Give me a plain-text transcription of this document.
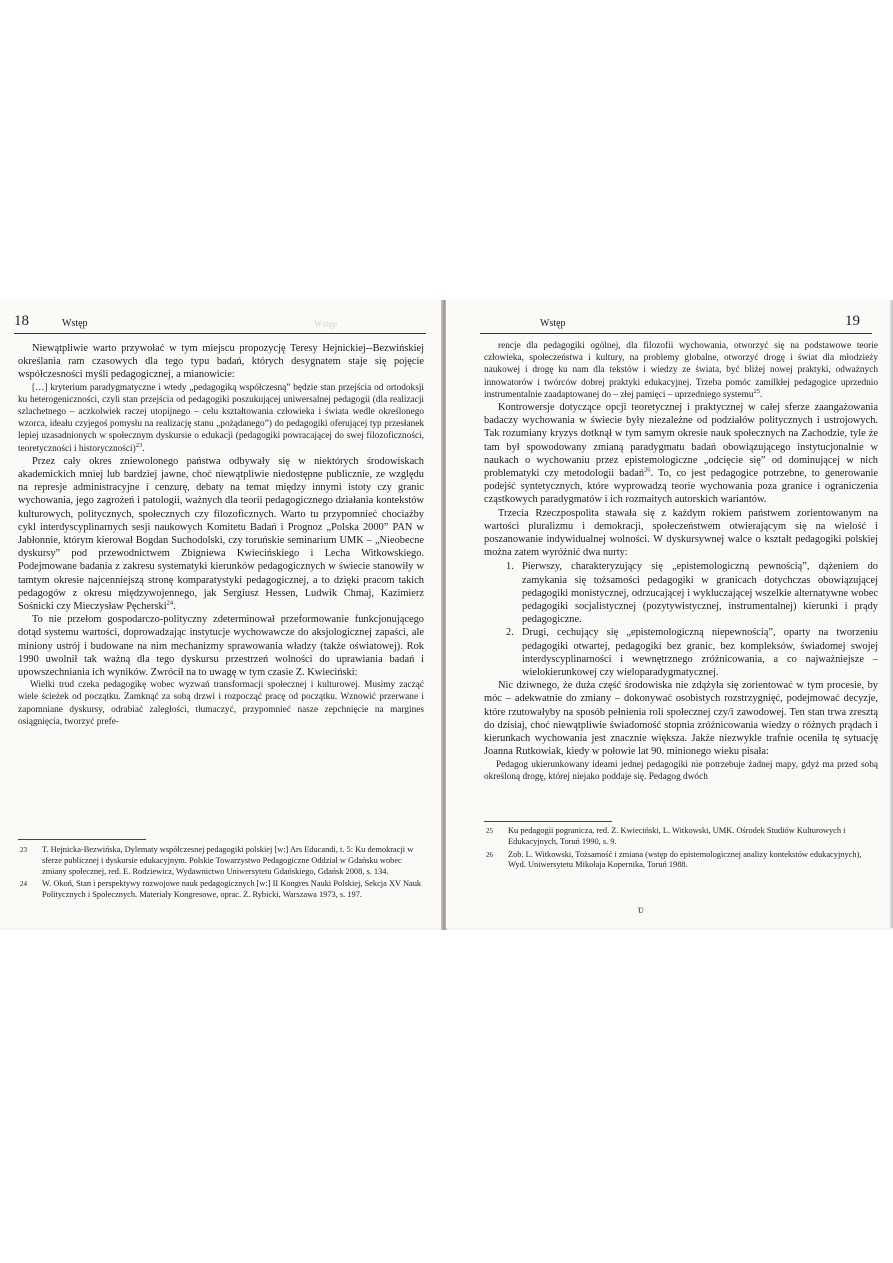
18	Wstęp	Wstęp

Niewątpliwie warto przywołać w tym miejscu propozycję Teresy Hejnickiej--Bezwińskiej określania ram czasowych dla tego typu badań, których desygnatem staje się pojęcie współczesności myśli pedagogicznej, a mianowicie:

[…] kryterium paradygmatyczne i wtedy „pedagogiką współczesną” będzie stan przejścia od ortodoksji ku heterogeniczności, czyli stan przejścia od pedagogiki poszukującej uniwersalnej pedagogii (dla realizacji szlachetnego – aczkolwiek raczej utopijnego – celu kształtowania człowieka i świata wedle określonego wzorca, ideału czyjegoś pomysłu na realizację stanu „pożądanego”) do pedagogiki oferującej typ przesłanek lepiej uzasadnionych w społecznym dyskursie o edukacji (pedagogiki powracającej do swej filozoficzności, teoretyczności i historyczności)$^{23}$.

Przez cały okres zniewolonego państwa odbywały się w niektórych środowiskach akademickich mniej lub bardziej jawne, choć niewątpliwie niedostępne publicznie, ze względu na represje administracyjne i cenzurę, debaty na temat między innymi istoty czy granic wychowania, jego zagrożeń i patologii, ważnych dla teorii pedagogicznego działania kontekstów kulturowych, politycznych, społecznych czy filozoficznych. Warto tu przypomnieć chociażby cykl interdyscyplinarnych sesji naukowych Komitetu Badań i Prognoz „Polska 2000” PAN w Jabłonnie, którym kierował Bogdan Suchodolski, czy toruńskie seminarium UMK – „Nieobecne dyskursy” pod przewodnictwem Zbigniewa Kwiecińskiego i Lecha Witkowskiego. Podejmowane badania z zakresu systematyki kierunków pedagogicznych w świecie stanowiły w tamtym okresie najcenniejszą stronę komparatystyki pedagogicznej, a to dzięki pracom takich pedagogów z okresu międzywojennego, jak Sergiusz Hessen, Ludwik Chmaj, Kazimierz Sośnicki czy Mieczysław Pęcherski$^{24}$.

To nie przełom gospodarczo-polityczny zdeterminował przeformowanie funkcjonującego dotąd systemu wartości, doprowadzając instytucje wychowawcze do aksjologicznej zapaści, ale miniony ustrój i budowane na nim mechanizmy sprawowania władzy (także oświatowej). Rok 1990 uwolnił tak ważną dla tego dyskursu przestrzeń wolności do uprawiania badań i upowszechniania ich wyników. Zwrócił na to uwagę w tym czasie Z. Kwieciński:

Wielki trud czeka pedagogikę wobec wyzwań transformacji społecznej i kulturowej. Musimy zacząć wiele ścieżek od początku. Zamknąć za sobą drzwi i rozpocząć pracę od początku. Wznowić przerwane i zapomniane dyskursy, odrabiać zaległości, tłumaczyć, przypomnieć nasze zepchnięcie na margines osiągnięcia, tworzyć prefe-

23 T. Hejnicka-Bezwińska, Dylematy współczesnej pedagogiki polskiej [w:] Ars Educandi, t. 5: Ku demokracji w sferze publicznej i dyskursie edukacyjnym. Polskie Towarzystwo Pedagogiczne Oddział w Gdańsku wobec zmiany społecznej, red. E. Rodziewicz, Wydawnictwo Uniwersytetu Gdańskiego, Gdańsk 2008, s. 134.
24 W. Okoń, Stan i perspektywy rozwojowe nauk pedagogicznych [w:] II Kongres Nauki Polskiej, Sekcja XV Nauk Politycznych i Społecznych. Materiały Kongresowe, oprac. Z. Rybicki, Warszawa 1973, s. 197.
Wstęp	19

rencje dla pedagogiki ogólnej, dla filozofii wychowania, otworzyć się na podstawowe teorie człowieka, społeczeństwa i kultury, na problemy globalne, otworzyć drogę i świat dla młodzieży naukowej i drogę ku nam dla tekstów i wiedzy ze świata, być bliżej nowej praktyki, odważnych innowatorów i twórców dobrej praktyki edukacyjnej. Trzeba pomóc zamilkłej pedagogice uprzednio instrumentalnie zaadaptowanej do – złej pamięci – uprzedniego systemu$^{25}$.

Kontrowersje dotyczące opcji teoretycznej i praktycznej w całej sferze zaangażowania badaczy wychowania w świecie były niezależne od podziałów politycznych i ustrojowych. Tak rozumiany kryzys dotknął w tym samym okresie nauk społecznych na Zachodzie, tyle że tam był spowodowany zmianą paradygmatu badań obowiązującego instytucjonalnie w naukach o wychowaniu przez epistemologiczne „odcięcie się” od dominującej w nich problematyki czy metodologii badań$^{26}$. To, co jest pedagogice potrzebne, to generowanie podejść syntetycznych, które wyprowadzą teorie wychowania poza granice i ograniczenia cząstkowych paradygmatów i ich rozmaitych autorskich wariantów.

Trzecia Rzeczpospolita stawała się z każdym rokiem państwem zorientowanym na wartości pluralizmu i demokracji, społeczeństwem otwierającym się na wielość i poszanowanie indywidualnej wolności. W dyskursywnej walce o kształt pedagogiki polskiej można zatem wyróżnić dwa nurty:

1. Pierwszy, charakteryzujący się „epistemologiczną pewnością”, dążeniem do zamykania się tożsamości pedagogiki w granicach dotychczas obowiązującej pedagogiki monistycznej, odrzucającej i wykluczającej wszelkie alternatywne wobec pedagogiki socjalistycznej (pozytywistycznej, instrumentalnej) kierunki i prądy pedagogiczne.
2. Drugi, cechujący się „epistemologiczną niepewnością”, oparty na tworzeniu pedagogiki otwartej, pedagogiki bez granic, bez kompleksów, świadomej swojej interdyscyplinarności i wewnętrznego zróżnicowania, a co najważniejsze – wielokierunkowej czy wieloparadygmatycznej.

Nic dziwnego, że duża część środowiska nie zdążyła się zorientować w tym procesie, by móc – adekwatnie do zmiany – dokonywać osobistych rozstrzygnięć, podejmować decyzje, które rzutowałyby na sposób pełnienia roli społecznej czy/i zawodowej. Ten stan trwa zresztą do dzisiaj, choć niewątpliwie świadomość stopnia zróżnicowania wiedzy o różnych prądach i kierunkach wychowania jest znacznie większa. Jakże niezwykle trafnie oceniła tę sytuację Joanna Rutkowiak, kiedy w połowie lat 90. minionego wieku pisała:

Pedagog ukierunkowany ideami jednej pedagogiki nie potrzebuje żadnej mapy, gdyż ma przed sobą określoną drogę, której niejako poddaje się. Pedagog dwóch

25 Ku pedagogii pogranicza, red. Z. Kwieciński, L. Witkowski, UMK. Ośrodek Studiów Kulturowych i Edukacyjnych, Toruń 1990, s. 9.
26 Zob. L. Witkowski, Tożsamość i zmiana (wstęp do epistemologicznej analizy kontekstów edukacyjnych), Wyd. Uniwersytetu Mikołaja Kopernika, Toruń 1988.
ʋ
